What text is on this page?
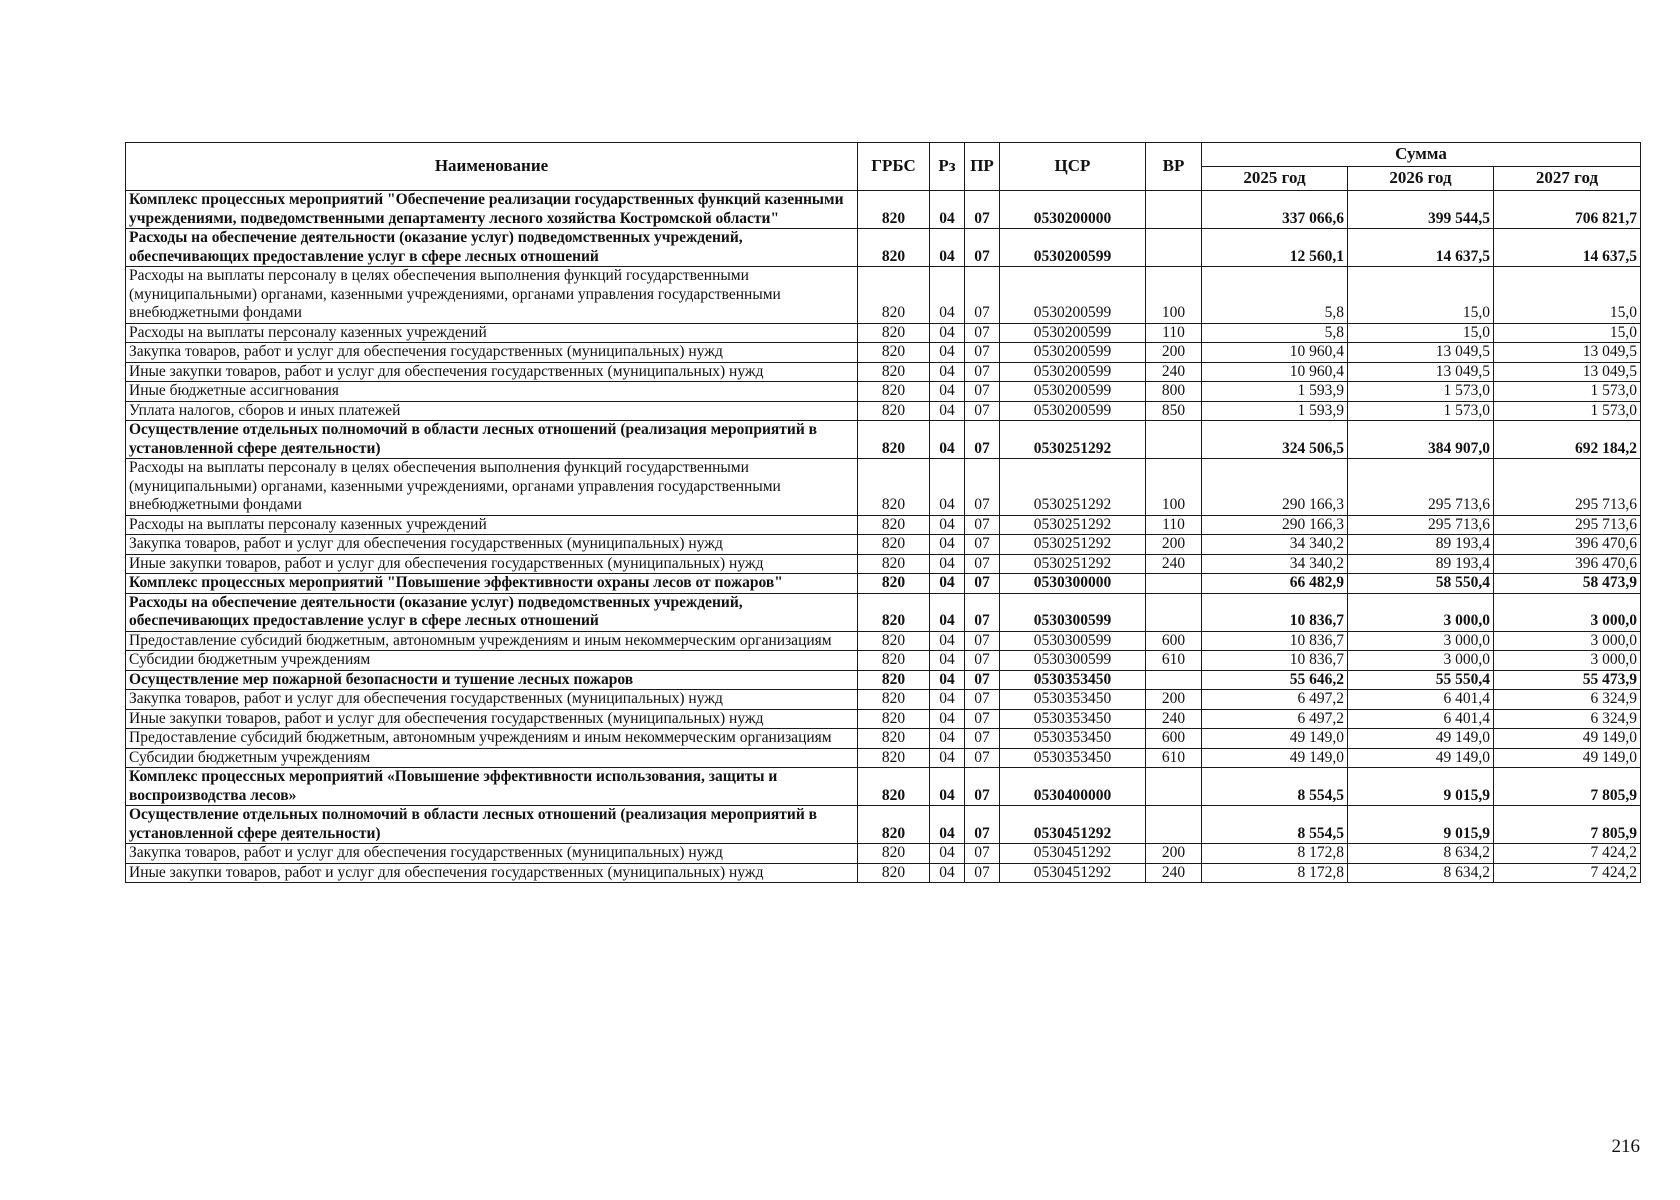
Наименование	ГРБС	Рз	ПР	ЦСР	ВР	Сумма		
						2025 год	2026 год	2027 год
Комплекс процессных мероприятий "Обеспечение реализации государственных функций казенными учреждениями, подведомственными департаменту лесного хозяйства Костромской области"	820	04	07	0530200000		337 066,6	399 544,5	706 821,7
Расходы на обеспечение деятельности (оказание услуг) подведомственных учреждений, обеспечивающих предоставление услуг в сфере лесных отношений	820	04	07	0530200599		12 560,1	14 637,5	14 637,5
Расходы на выплаты персоналу в целях обеспечения выполнения функций государственными (муниципальными) органами, казенными учреждениями, органами управления государственными внебюджетными фондами	820	04	07	0530200599	100	5,8	15,0	15,0
Расходы на выплаты персоналу казенных учреждений	820	04	07	0530200599	110	5,8	15,0	15,0
Закупка товаров, работ и услуг для обеспечения государственных (муниципальных) нужд	820	04	07	0530200599	200	10 960,4	13 049,5	13 049,5
Иные закупки товаров, работ и услуг для обеспечения государственных (муниципальных) нужд	820	04	07	0530200599	240	10 960,4	13 049,5	13 049,5
Иные бюджетные ассигнования	820	04	07	0530200599	800	1 593,9	1 573,0	1 573,0
Уплата налогов, сборов и иных платежей	820	04	07	0530200599	850	1 593,9	1 573,0	1 573,0
Осуществление отдельных полномочий в области лесных отношений (реализация мероприятий в установленной сфере деятельности)	820	04	07	0530251292		324 506,5	384 907,0	692 184,2
Расходы на выплаты персоналу в целях обеспечения выполнения функций государственными (муниципальными) органами, казенными учреждениями, органами управления государственными внебюджетными фондами	820	04	07	0530251292	100	290 166,3	295 713,6	295 713,6
Расходы на выплаты персоналу казенных учреждений	820	04	07	0530251292	110	290 166,3	295 713,6	295 713,6
Закупка товаров, работ и услуг для обеспечения государственных (муниципальных) нужд	820	04	07	0530251292	200	34 340,2	89 193,4	396 470,6
Иные закупки товаров, работ и услуг для обеспечения государственных (муниципальных) нужд	820	04	07	0530251292	240	34 340,2	89 193,4	396 470,6
Комплекс процессных мероприятий "Повышение эффективности охраны лесов от пожаров"	820	04	07	0530300000		66 482,9	58 550,4	58 473,9
Расходы на обеспечение деятельности (оказание услуг) подведомственных учреждений, обеспечивающих предоставление услуг в сфере лесных отношений	820	04	07	0530300599		10 836,7	3 000,0	3 000,0
Предоставление субсидий бюджетным, автономным учреждениям и иным некоммерческим организациям	820	04	07	0530300599	600	10 836,7	3 000,0	3 000,0
Субсидии бюджетным учреждениям	820	04	07	0530300599	610	10 836,7	3 000,0	3 000,0
Осуществление мер пожарной безопасности и тушение лесных пожаров	820	04	07	0530353450		55 646,2	55 550,4	55 473,9
Закупка товаров, работ и услуг для обеспечения государственных (муниципальных) нужд	820	04	07	0530353450	200	6 497,2	6 401,4	6 324,9
Иные закупки товаров, работ и услуг для обеспечения государственных (муниципальных) нужд	820	04	07	0530353450	240	6 497,2	6 401,4	6 324,9
Предоставление субсидий бюджетным, автономным учреждениям и иным некоммерческим организациям	820	04	07	0530353450	600	49 149,0	49 149,0	49 149,0
Субсидии бюджетным учреждениям	820	04	07	0530353450	610	49 149,0	49 149,0	49 149,0
Комплекс процессных мероприятий «Повышение эффективности использования, защиты и воспроизводства лесов»	820	04	07	0530400000		8 554,5	9 015,9	7 805,9
Осуществление отдельных полномочий в области лесных отношений (реализация мероприятий в установленной сфере деятельности)	820	04	07	0530451292		8 554,5	9 015,9	7 805,9
Закупка товаров, работ и услуг для обеспечения государственных (муниципальных) нужд	820	04	07	0530451292	200	8 172,8	8 634,2	7 424,2
Иные закупки товаров, работ и услуг для обеспечения государственных (муниципальных) нужд	820	04	07	0530451292	240	8 172,8	8 634,2	7 424,2
216
